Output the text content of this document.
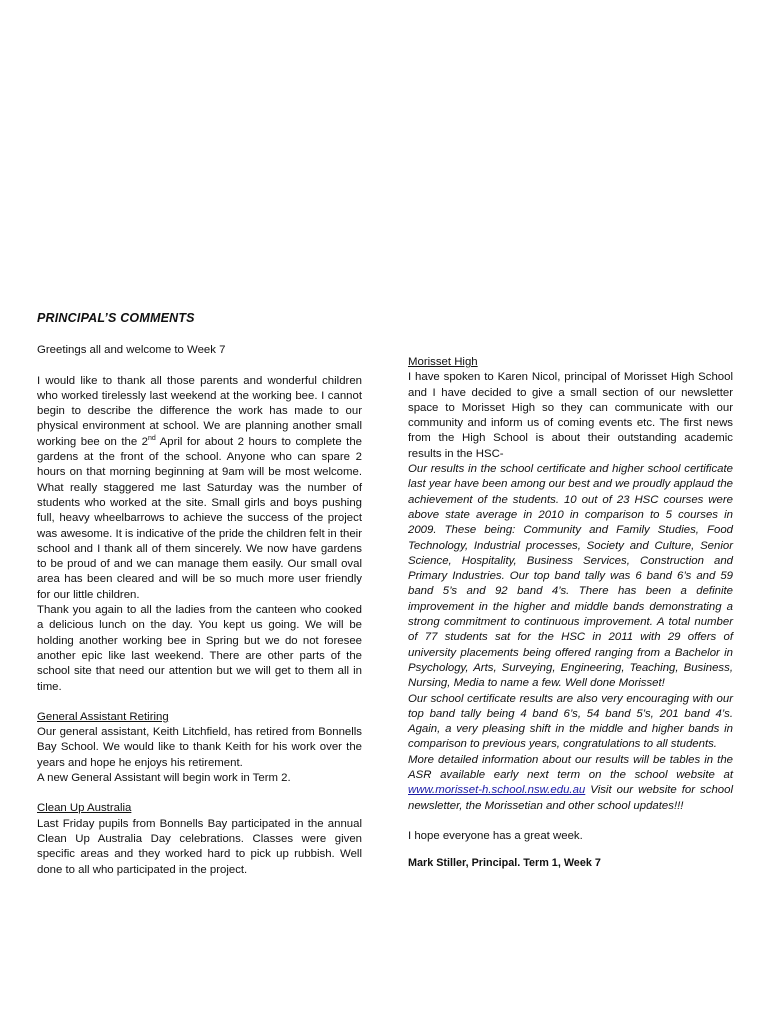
PRINCIPAL’S COMMENTS

Greetings all and welcome to Week 7

I would like to thank all those parents and wonderful children who worked tirelessly last weekend at the working bee. I cannot begin to describe the difference the work has made to our physical environment at school. We are planning another small working bee on the 2nd April for about 2 hours to complete the gardens at the front of the school. Anyone who can spare 2 hours on that morning beginning at 9am will be most welcome. What really staggered me last Saturday was the number of students who worked at the site. Small girls and boys pushing full, heavy wheelbarrows to achieve the success of the project was awesome. It is indicative of the pride the children felt in their school and I thank all of them sincerely. We now have gardens to be proud of and we can manage them easily. Our small oval area has been cleared and will be so much more user friendly for our little children.

Thank you again to all the ladies from the canteen who cooked a delicious lunch on the day. You kept us going. We will be holding another working bee in Spring but we do not foresee another epic like last weekend. There are other parts of the school site that need our attention but we will get to them all in time.

General Assistant Retiring

Our general assistant, Keith Litchfield, has retired from Bonnells Bay School. We would like to thank Keith for his work over the years and hope he enjoys his retirement.

A new General Assistant will begin work in Term 2.

Clean Up Australia

Last Friday pupils from Bonnells Bay participated in the annual Clean Up Australia Day celebrations. Classes were given specific areas and they worked hard to pick up rubbish. Well done to all who participated in the project.

Morisset High

I have spoken to Karen Nicol, principal of Morisset High School and I have decided to give a small section of our newsletter space to Morisset High so they can communicate with our community and inform us of coming events etc. The first news from the High School is about their outstanding academic results in the HSC-

Our results in the school certificate and higher school certificate last year have been among our best and we proudly applaud the achievement of the students. 10 out of 23 HSC courses were above state average in 2010 in comparison to 5 courses in 2009. These being: Community and Family Studies, Food Technology, Industrial processes, Society and Culture, Senior Science, Hospitality, Business Services, Construction and Primary Industries. Our top band tally was 6 band 6’s and 59 band 5’s and 92 band 4’s. There has been a definite improvement in the higher and middle bands demonstrating a strong commitment to continuous improvement. A total number of 77 students sat for the HSC in 2011 with 29 offers of university placements being offered ranging from a Bachelor in Psychology, Arts, Surveying, Engineering, Teaching, Business, Nursing, Media to name a few. Well done Morisset!

Our school certificate results are also very encouraging with our top band tally being 4 band 6’s, 54 band 5’s, 201 band 4’s. Again, a very pleasing shift in the middle and higher bands in comparison to previous years, congratulations to all students.

More detailed information about our results will be tables in the ASR available early next term on the school website at www.morisset-h.school.nsw.edu.au Visit our website for school newsletter, the Morissetian and other school updates!!!

I hope everyone has a great week.

Mark Stiller, Principal. Term 1, Week 7
